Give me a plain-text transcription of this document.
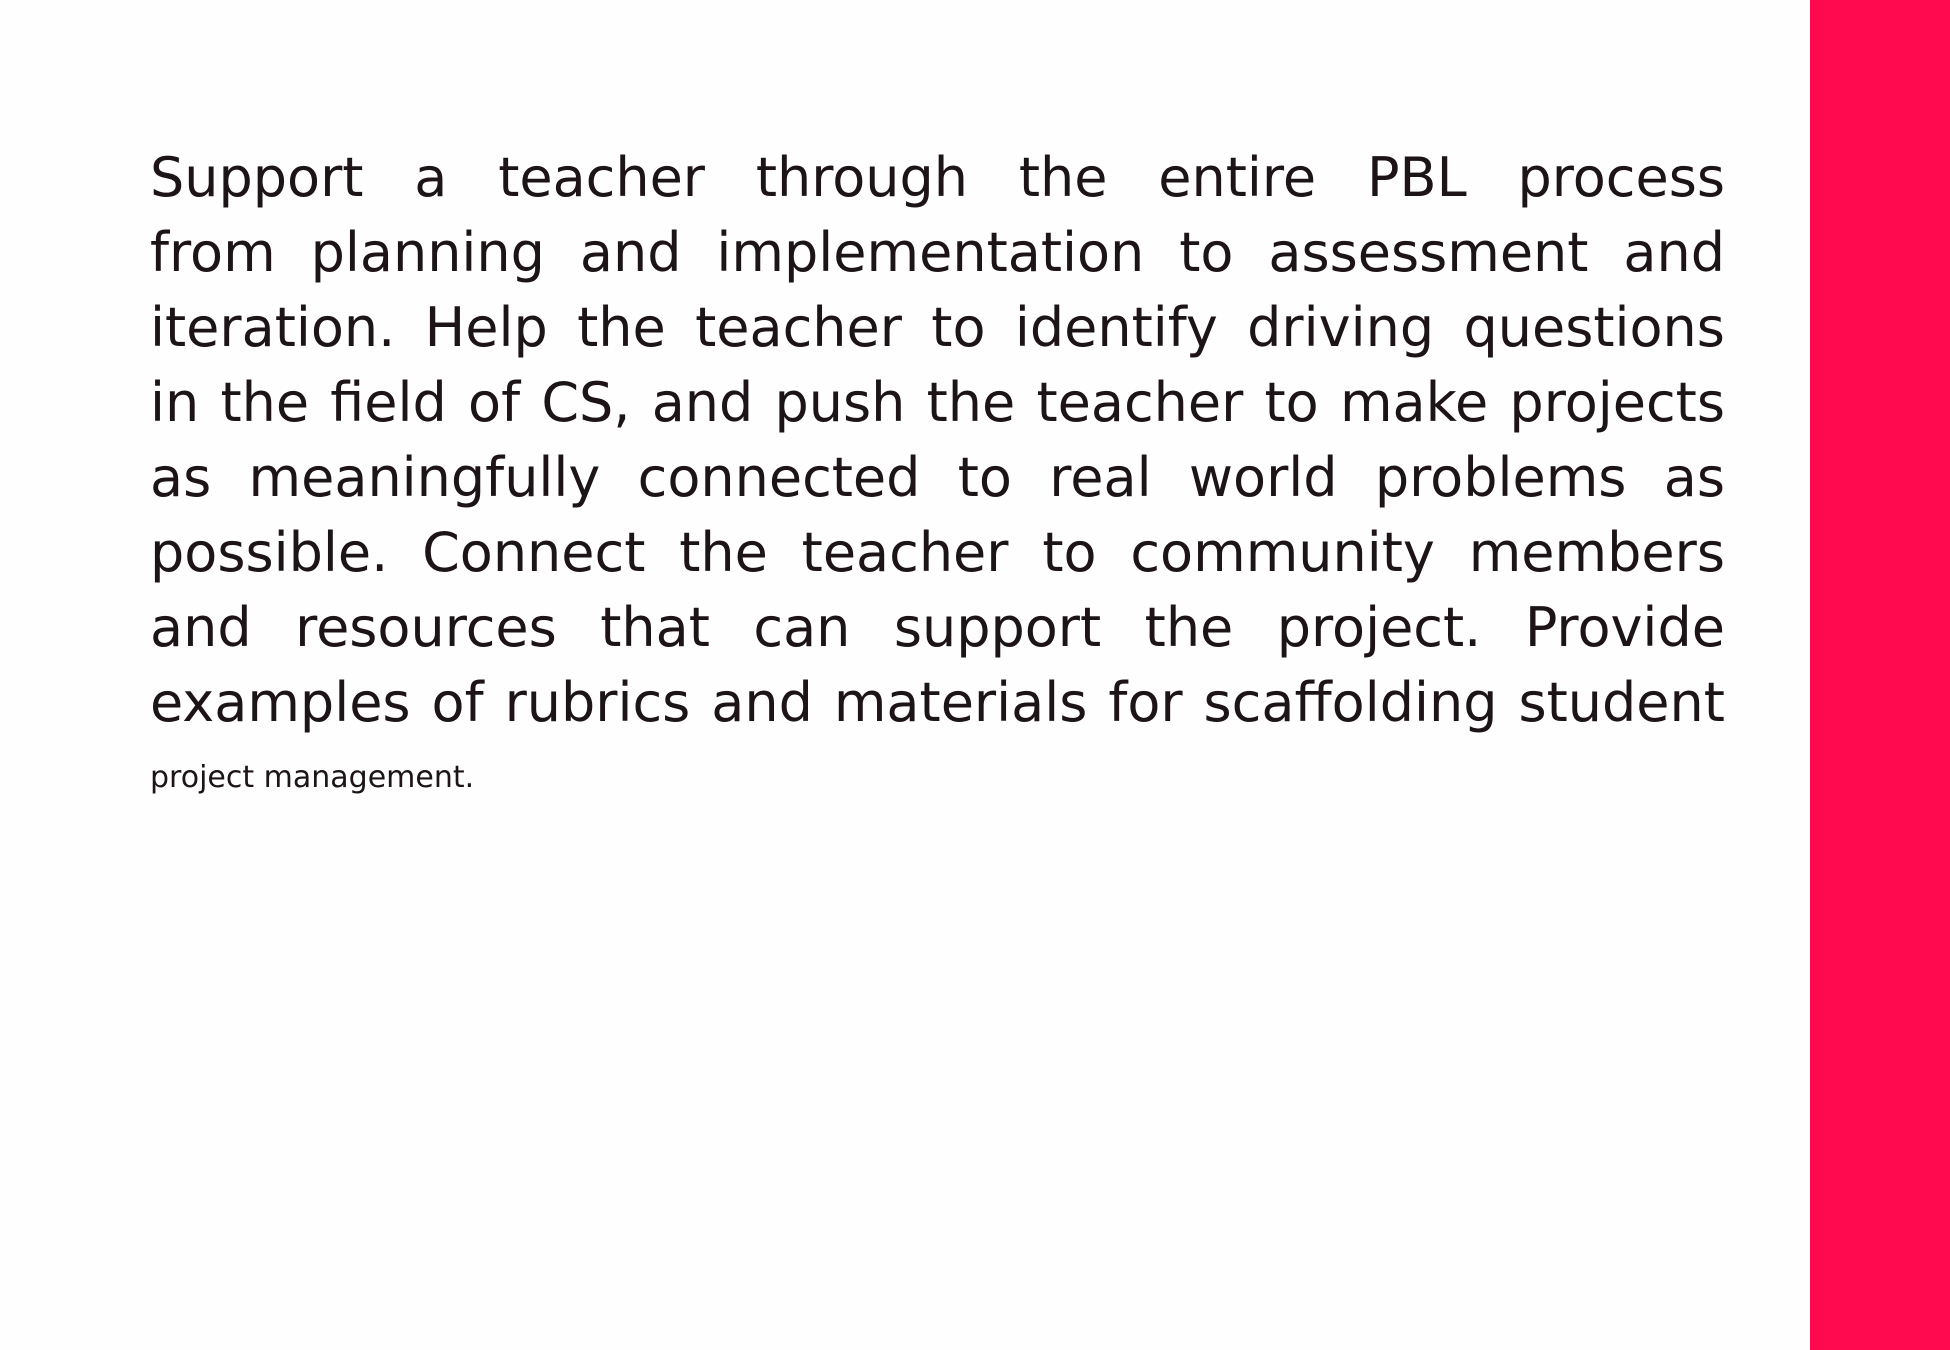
Support a teacher through the entire PBL process
from planning and implementation to assessment and
iteration. Help the teacher to identify driving questions
in the field of CS, and push the teacher to make projects
as meaningfully connected to real world problems as
possible. Connect the teacher to community members
and resources that can support the project. Provide
examples of rubrics and materials for scaffolding student
project management.
